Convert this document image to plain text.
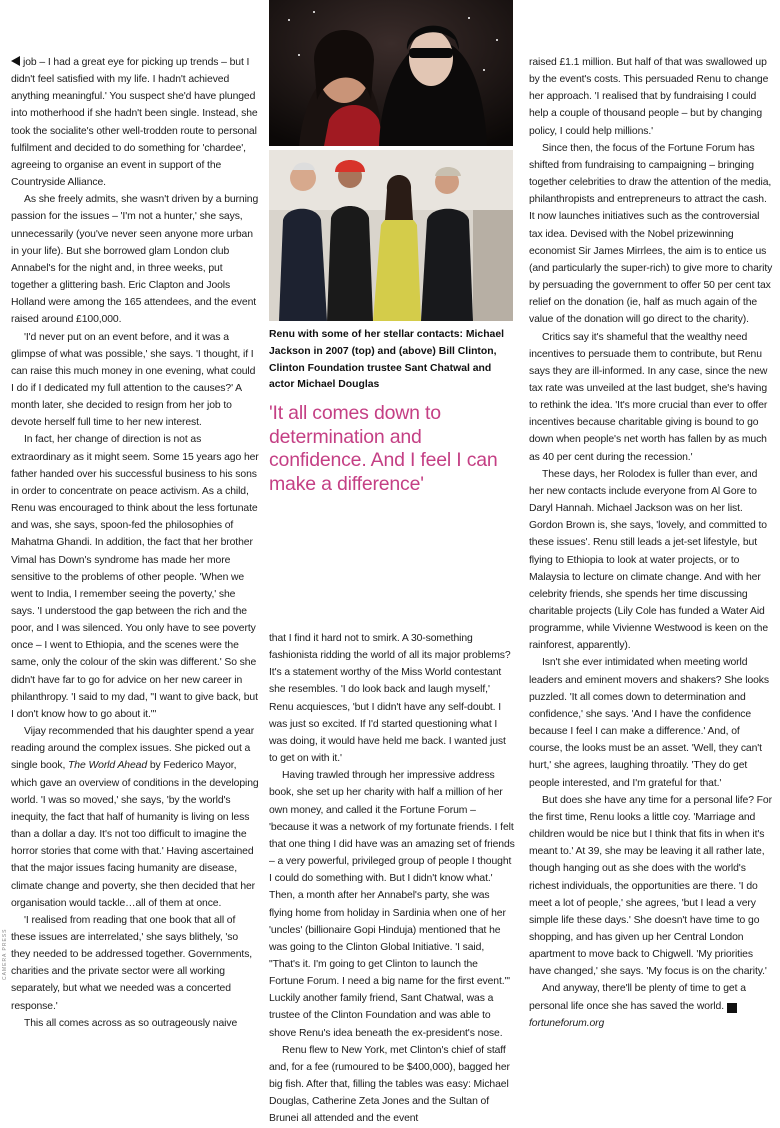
job – I had a great eye for picking up trends – but I didn't feel satisfied with my life. I hadn't achieved anything meaningful.' You suspect she'd have plunged into motherhood if she hadn't been single. Instead, she took the socialite's other well-trodden route to personal fulfilment and decided to do something for 'chardee', agreeing to organise an event in support of the Countryside Alliance.

As she freely admits, she wasn't driven by a burning passion for the issues – 'I'm not a hunter,' she says, unnecessarily (you've never seen anyone more urban in your life). But she borrowed glam London club Annabel's for the night and, in three weeks, put together a glittering bash. Eric Clapton and Jools Holland were among the 165 attendees, and the event raised around £100,000.

'I'd never put on an event before, and it was a glimpse of what was possible,' she says. 'I thought, if I can raise this much money in one evening, what could I do if I dedicated my full attention to the causes?' A month later, she decided to resign from her job to devote herself full time to her new interest.

In fact, her change of direction is not as extraordinary as it might seem. Some 15 years ago her father handed over his successful business to his sons in order to concentrate on peace activism. As a child, Renu was encouraged to think about the less fortunate and was, she says, spoon-fed the philosophies of Mahatma Ghandi. In addition, the fact that her brother Vimal has Down's syndrome has made her more sensitive to the problems of other people. 'When we went to India, I remember seeing the poverty,' she says. 'I understood the gap between the rich and the poor, and I was silenced. You only have to see poverty once – I went to Ethiopia, and the scenes were the same, only the colour of the skin was different.' So she didn't have far to go for advice on her new career in philanthropy. 'I said to my dad, "I want to give back, but I don't know how to go about it."'

Vijay recommended that his daughter spend a year reading around the complex issues. She picked out a single book, The World Ahead by Federico Mayor, which gave an overview of conditions in the developing world. 'I was so moved,' she says, 'by the world's inequity, the fact that half of humanity is living on less than a dollar a day. It's not too difficult to imagine the horror stories that come with that.' Having ascertained that the major issues facing humanity are disease, climate change and poverty, she then decided that her organisation would tackle…all of them at once.

'I realised from reading that one book that all of these issues are interrelated,' she says blithely, 'so they needed to be addressed together. Governments, charities and the private sector were all working separately, but what we needed was a concerted response.'

This all comes across as so outrageously naive

Renu with some of her stellar contacts: Michael Jackson in 2007 (top) and (above) Bill Clinton, Clinton Foundation trustee Sant Chatwal and actor Michael Douglas
'It all comes down to determination and confidence. And I feel I can make a difference'

that I find it hard not to smirk. A 30-something fashionista ridding the world of all its major problems? It's a statement worthy of the Miss World contestant she resembles. 'I do look back and laugh myself,' Renu acquiesces, 'but I didn't have any self-doubt. I was just so excited. If I'd started questioning what I was doing, it would have held me back. I wanted just to get on with it.'

Having trawled through her impressive address book, she set up her charity with half a million of her own money, and called it the Fortune Forum – 'because it was a network of my fortunate friends. I felt that one thing I did have was an amazing set of friends – a very powerful, privileged group of people I thought I could do something with. But I didn't know what.' Then, a month after her Annabel's party, she was flying home from holiday in Sardinia when one of her 'uncles' (billionaire Gopi Hinduja) mentioned that he was going to the Clinton Global Initiative. 'I said, "That's it. I'm going to get Clinton to launch the Fortune Forum. I need a big name for the first event."' Luckily another family friend, Sant Chatwal, was a trustee of the Clinton Foundation and was able to shove Renu's idea beneath the ex-president's nose.

Renu flew to New York, met Clinton's chief of staff and, for a fee (rumoured to be $400,000), bagged her big fish. After that, filling the tables was easy: Michael Douglas, Catherine Zeta Jones and the Sultan of Brunei all attended and the event

raised £1.1 million. But half of that was swallowed up by the event's costs. This persuaded Renu to change her approach. 'I realised that by fundraising I could help a couple of thousand people – but by changing policy, I could help millions.'

Since then, the focus of the Fortune Forum has shifted from fundraising to campaigning – bringing together celebrities to draw the attention of the media, philanthropists and entrepreneurs to attract the cash. It now launches initiatives such as the controversial tax idea. Devised with the Nobel prizewinning economist Sir James Mirrlees, the aim is to entice us (and particularly the super-rich) to give more to charity by persuading the government to offer 50 per cent tax relief on the donation (ie, half as much again of the value of the donation will go direct to the charity).

Critics say it's shameful that the wealthy need incentives to persuade them to contribute, but Renu says they are ill-informed. In any case, since the new tax rate was unveiled at the last budget, she's having to rethink the idea. 'It's more crucial than ever to offer incentives because charitable giving is bound to go down when people's net worth has fallen by as much as 40 per cent during the recession.'

These days, her Rolodex is fuller than ever, and her new contacts include everyone from Al Gore to Daryl Hannah. Michael Jackson was on her list. Gordon Brown is, she says, 'lovely, and committed to these issues'. Renu still leads a jet-set lifestyle, but flying to Ethiopia to look at water projects, or to Malaysia to lecture on climate change. And with her celebrity friends, she spends her time discussing charitable projects (Lily Cole has funded a Water Aid programme, while Vivienne Westwood is keen on the rainforest, apparently).

Isn't she ever intimidated when meeting world leaders and eminent movers and shakers? She looks puzzled. 'It all comes down to determination and confidence,' she says. 'And I have the confidence because I feel I can make a difference.' And, of course, the looks must be an asset. 'Well, they can't hurt,' she agrees, laughing throatily. 'They do get people interested, and I'm grateful for that.'

But does she have any time for a personal life? For the first time, Renu looks a little coy. 'Marriage and children would be nice but I think that fits in when it's meant to.' At 39, she may be leaving it all rather late, though hanging out as she does with the world's richest individuals, the opportunities are there. 'I do meet a lot of people,' she agrees, 'but I lead a very simple life these days.' She doesn't have time to go shopping, and has given up her Central London apartment to move back to Chigwell. 'My priorities have changed,' she says. 'My focus is on the charity.'

And anyway, there'll be plenty of time to get a personal life once she has saved the world. ❯

fortuneforum.org

CAMERA PRESS
